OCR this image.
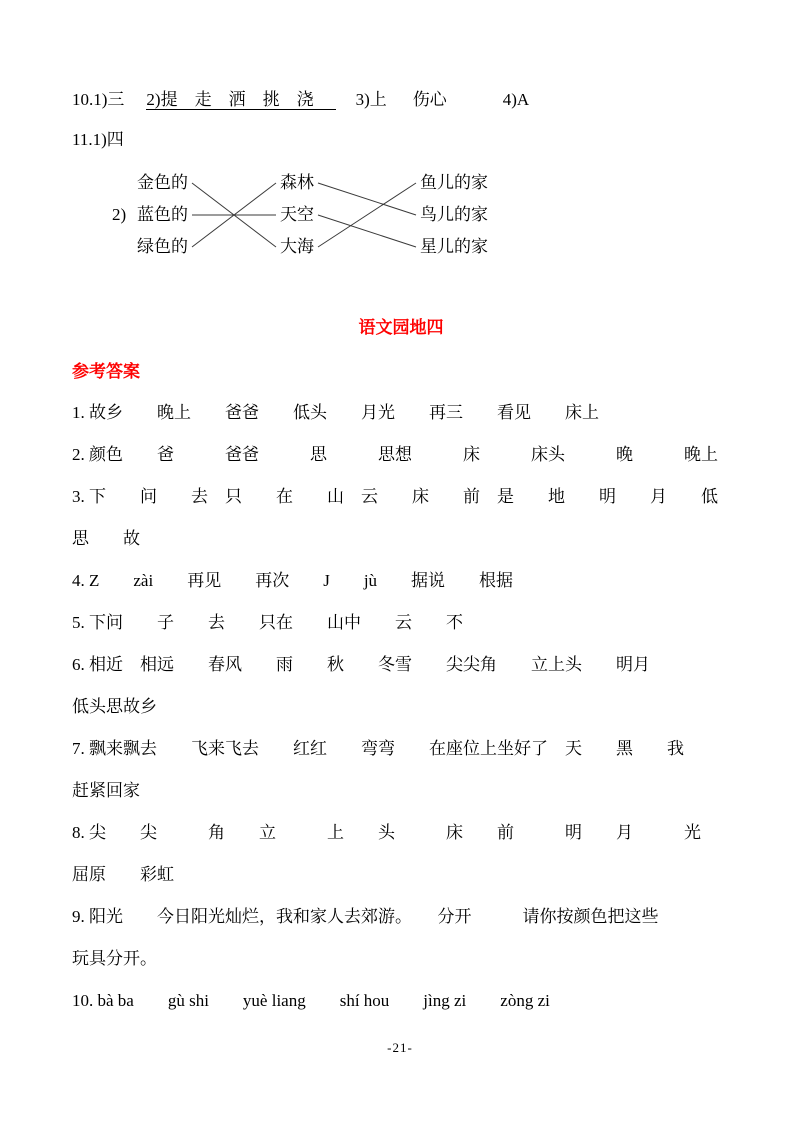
10.1)三 2)提　走　洒　挑　浇 3)上 伤心	4)A
11.1)四
2)
金色的
蓝色的
绿色的
森林
天空
大海
鱼儿的家
鸟儿的家
星儿的家
语文园地四
参考答案
1. 故乡　　晚上　　爸爸　　低头　　月光　　再三　　看见　　床上
2. 颜色　　爸　　　爸爸　　　思　　　思想　　　床　　　床头　　　晚　　　晚上
3. 下　　问　　去　只　　在　　山　云　　床　　前　是　　地　　明　　月　　低
思　　故
4. Z　　zài　　再见　　再次　　J　　jù　　据说　　根据
5. 下问　　子　　去　　只在　　山中　　云　　不
6. 相近　相远　　春风　　雨　　秋　　冬雪　　尖尖角　　立上头　　明月
低头思故乡
7. 飘来飘去　　飞来飞去　　红红　　弯弯　　在座位上坐好了　天　　黑　　我
赶紧回家
8. 尖　　尖　　　角　　立　　　上　　头　　　床　　前　　　明　　月　　　光
屈原　　彩虹
9. 阳光　　今日阳光灿烂，我和家人去郊游。　　分开　　　请你按颜色把这些
玩具分开。
10. bà ba　　gù shi　　yuè liang　　shí hou　　jìng zi　　zòng zi
-21-
